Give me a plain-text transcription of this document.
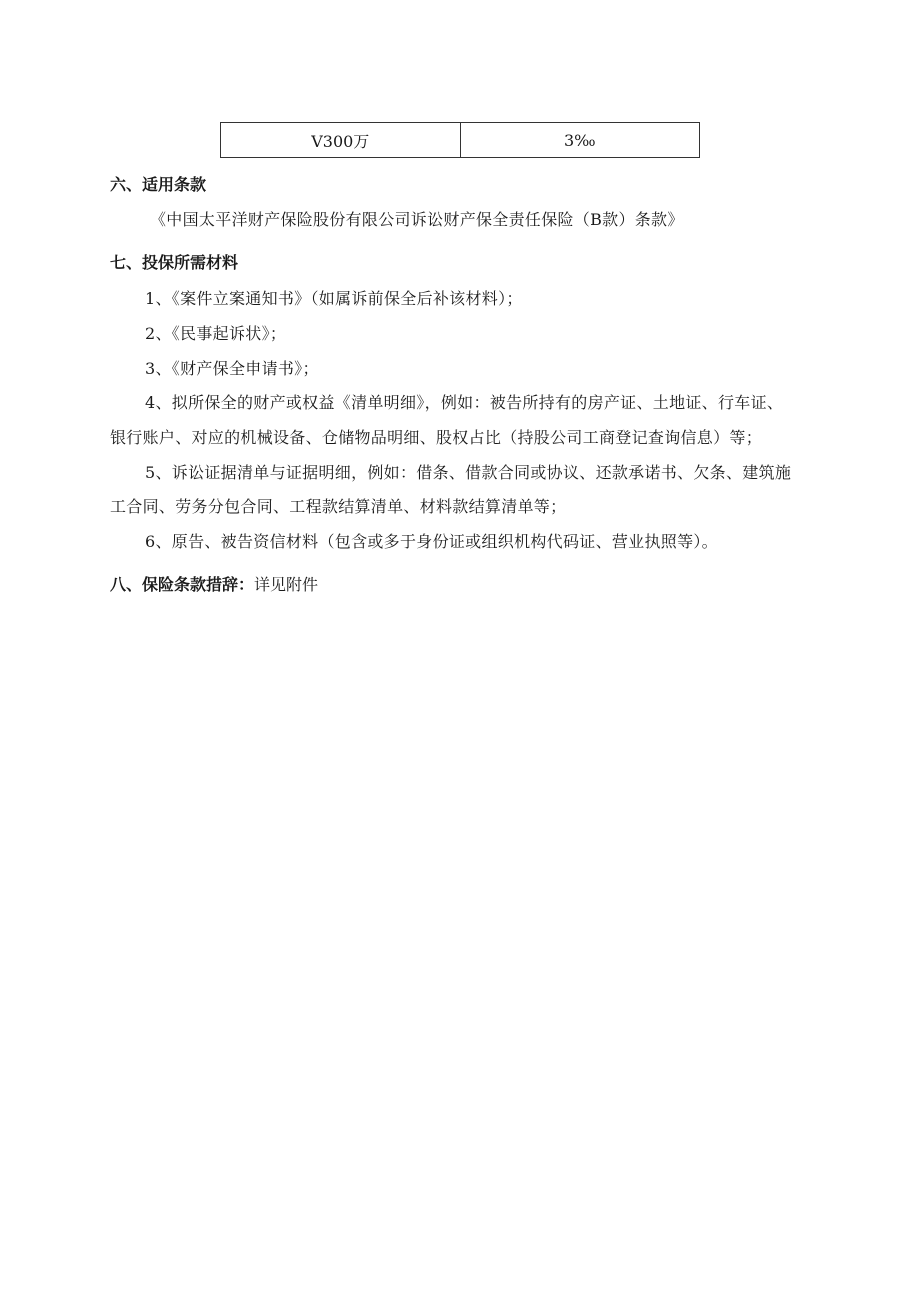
V300万	3‰
六、适用条款
《中国太平洋财产保险股份有限公司诉讼财产保全责任保险（B款）条款》
七、投保所需材料
1、《案件立案通知书》（如属诉前保全后补该材料）；
2、《民事起诉状》；
3、《财产保全申请书》；
4、拟所保全的财产或权益《清单明细》，例如：被告所持有的房产证、土地证、行车证、
银行账户、对应的机械设备、仓储物品明细、股权占比（持股公司工商登记查询信息）等；
5、诉讼证据清单与证据明细，例如：借条、借款合同或协议、还款承诺书、欠条、建筑施
工合同、劳务分包合同、工程款结算清单、材料款结算清单等；
6、原告、被告资信材料（包含或多于身份证或组织机构代码证、营业执照等）。
八、保险条款措辞：详见附件
